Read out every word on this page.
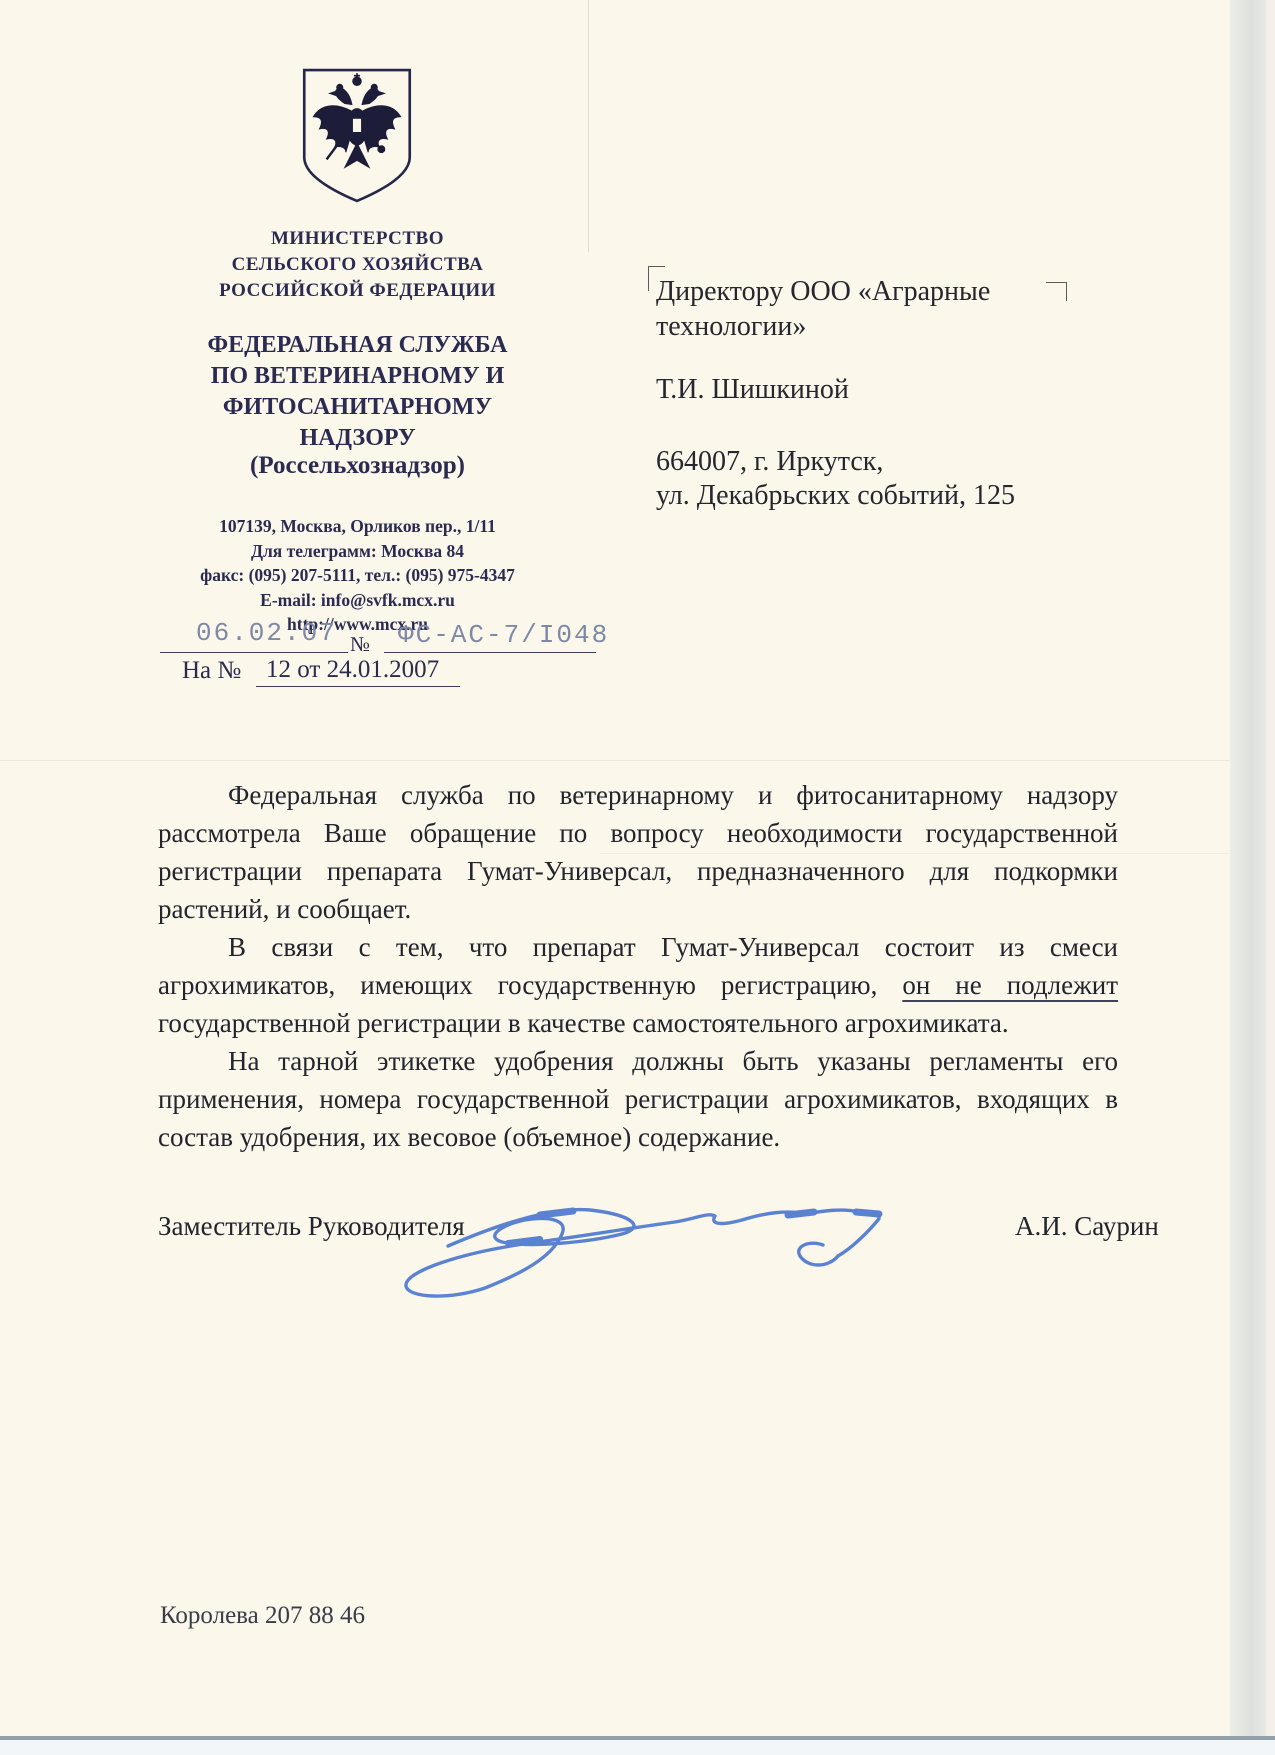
МИНИСТЕРСТВО
СЕЛЬСКОГО ХОЗЯЙСТВА
РОССИЙСКОЙ ФЕДЕРАЦИИ
ФЕДЕРАЛЬНАЯ СЛУЖБА
ПО ВЕТЕРИНАРНОМУ И
ФИТОСАНИТАРНОМУ
НАДЗОРУ
(Россельхознадзор)
107139, Москва, Орликов пер., 1/11
Для телеграмм: Москва 84
факс: (095) 207-5111, тел.: (095) 975-4347
E-mail: info@svfk.mcx.ru
http://www.mcx.ru
06.02.07 № ФС-АС-7/I048
На № 12 от 24.01.2007
Директору ООО «Аграрные
технологии»
Т.И. Шишкиной
664007, г. Иркутск,
ул. Декабрьских событий, 125

Федеральная служба по ветеринарному и фитосанитарному надзору рассмотрела Ваше обращение по вопросу необходимости государственной регистрации препарата Гумат-Универсал, предназначенного для подкормки растений, и сообщает.

В связи с тем, что препарат Гумат-Универсал состоит из смеси агрохимикатов, имеющих государственную регистрацию, он не подлежит государственной регистрации в качестве самостоятельного агрохимиката.

На тарной этикетке удобрения должны быть указаны регламенты его применения, номера государственной регистрации агрохимикатов, входящих в состав удобрения, их весовое (объемное) содержание.

Заместитель Руководителя	А.И. Саурин
Королева 207 88 46
